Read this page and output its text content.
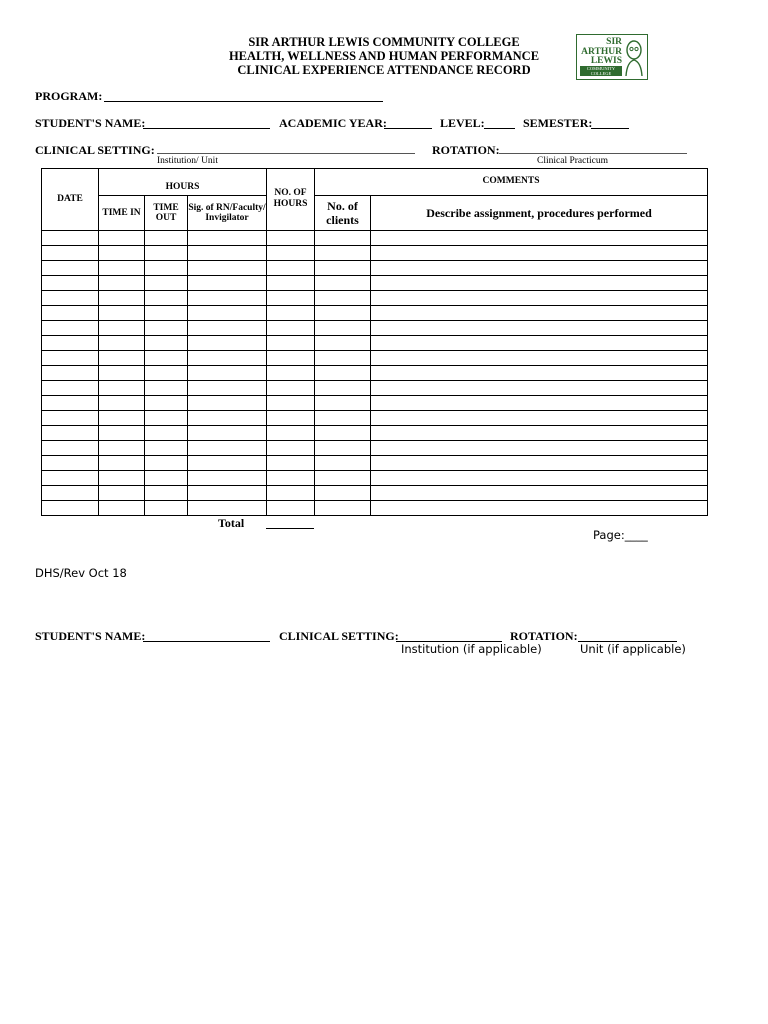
SIR ARTHUR LEWIS COMMUNITY COLLEGE
HEALTH, WELLNESS AND HUMAN PERFORMANCE
CLINICAL EXPERIENCE ATTENDANCE RECORD
SIR
ARTHUR
LEWIS
COMMUNITY
COLLEGE
PROGRAM:
STUDENT'S NAME:	ACADEMIC YEAR:	LEVEL:	SEMESTER:
CLINICAL SETTING:
Institution/ Unit
ROTATION:
Clinical Practicum
DATE	HOURS			NO. OF HOURS	COMMENTS	
	TIME IN	TIME OUT	Sig. of RN/Faculty/ Invigilator		No. of clients	Describe assignment, procedures performed

Total
Page:____
DHS/Rev Oct 18
STUDENT'S NAME:	CLINICAL SETTING:	ROTATION:
Institution (if applicable)	Unit (if applicable)
